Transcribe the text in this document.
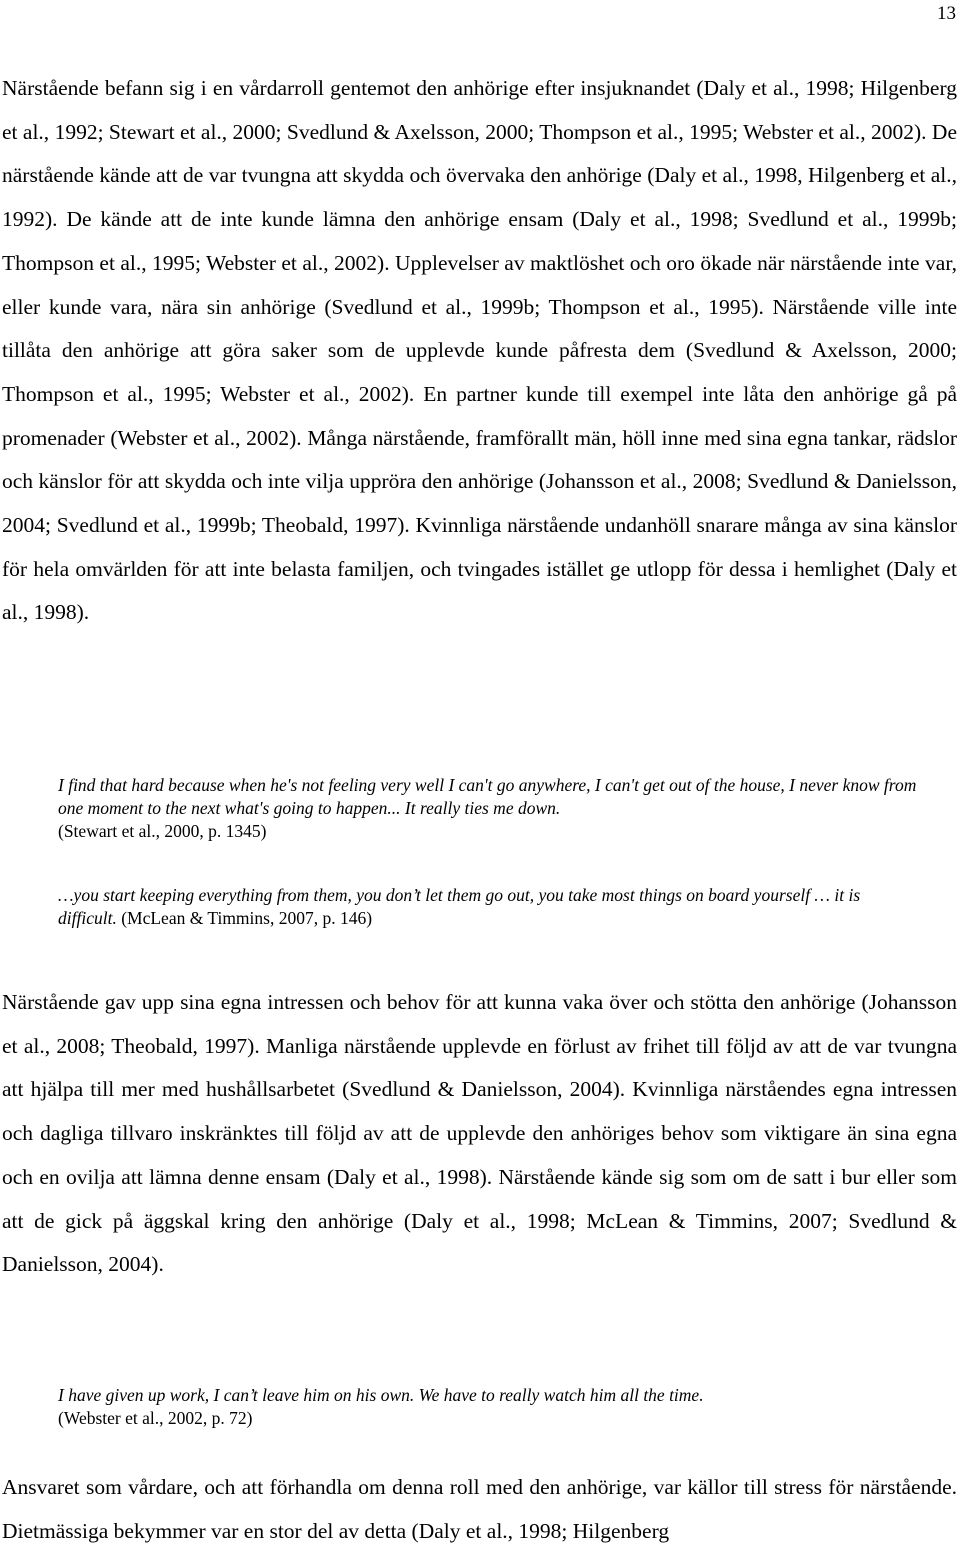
13

Närstående befann sig i en vårdarroll gentemot den anhörige efter insjuknandet (Daly et al., 1998; Hilgenberg et al., 1992; Stewart et al., 2000; Svedlund & Axelsson, 2000; Thompson et al., 1995; Webster et al., 2002). De närstående kände att de var tvungna att skydda och övervaka den anhörige (Daly et al., 1998, Hilgenberg et al., 1992). De kände att de inte kunde lämna den anhörige ensam (Daly et al., 1998; Svedlund et al., 1999b; Thompson et al., 1995; Webster et al., 2002). Upplevelser av maktlöshet och oro ökade när närstående inte var, eller kunde vara, nära sin anhörige (Svedlund et al., 1999b; Thompson et al., 1995). Närstående ville inte tillåta den anhörige att göra saker som de upplevde kunde påfresta dem (Svedlund & Axelsson, 2000; Thompson et al., 1995; Webster et al., 2002). En partner kunde till exempel inte låta den anhörige gå på promenader (Webster et al., 2002). Många närstående, framförallt män, höll inne med sina egna tankar, rädslor och känslor för att skydda och inte vilja uppröra den anhörige (Johansson et al., 2008; Svedlund & Danielsson, 2004; Svedlund et al., 1999b; Theobald, 1997). Kvinnliga närstående undanhöll snarare många av sina känslor för hela omvärlden för att inte belasta familjen, och tvingades istället ge utlopp för dessa i hemlighet (Daly et al., 1998).

I find that hard because when he's not feeling very well I can't go anywhere, I can't get out of the house, I never know from one moment to the next what's going to happen... It really ties me down.
(Stewart et al., 2000, p. 1345)
…you start keeping everything from them, you don’t let them go out, you take most things on board yourself … it is difficult. (McLean & Timmins, 2007, p. 146)

Närstående gav upp sina egna intressen och behov för att kunna vaka över och stötta den anhörige (Johansson et al., 2008; Theobald, 1997). Manliga närstående upplevde en förlust av frihet till följd av att de var tvungna att hjälpa till mer med hushållsarbetet (Svedlund & Danielsson, 2004). Kvinnliga närståendes egna intressen och dagliga tillvaro inskränktes till följd av att de upplevde den anhöriges behov som viktigare än sina egna och en ovilja att lämna denne ensam (Daly et al., 1998). Närstående kände sig som om de satt i bur eller som att de gick på äggskal kring den anhörige (Daly et al., 1998; McLean & Timmins, 2007; Svedlund & Danielsson, 2004).

I have given up work, I can’t leave him on his own. We have to really watch him all the time.
(Webster et al., 2002, p. 72)

Ansvaret som vårdare, och att förhandla om denna roll med den anhörige, var källor till stress för närstående. Dietmässiga bekymmer var en stor del av detta (Daly et al., 1998; Hilgenberg
